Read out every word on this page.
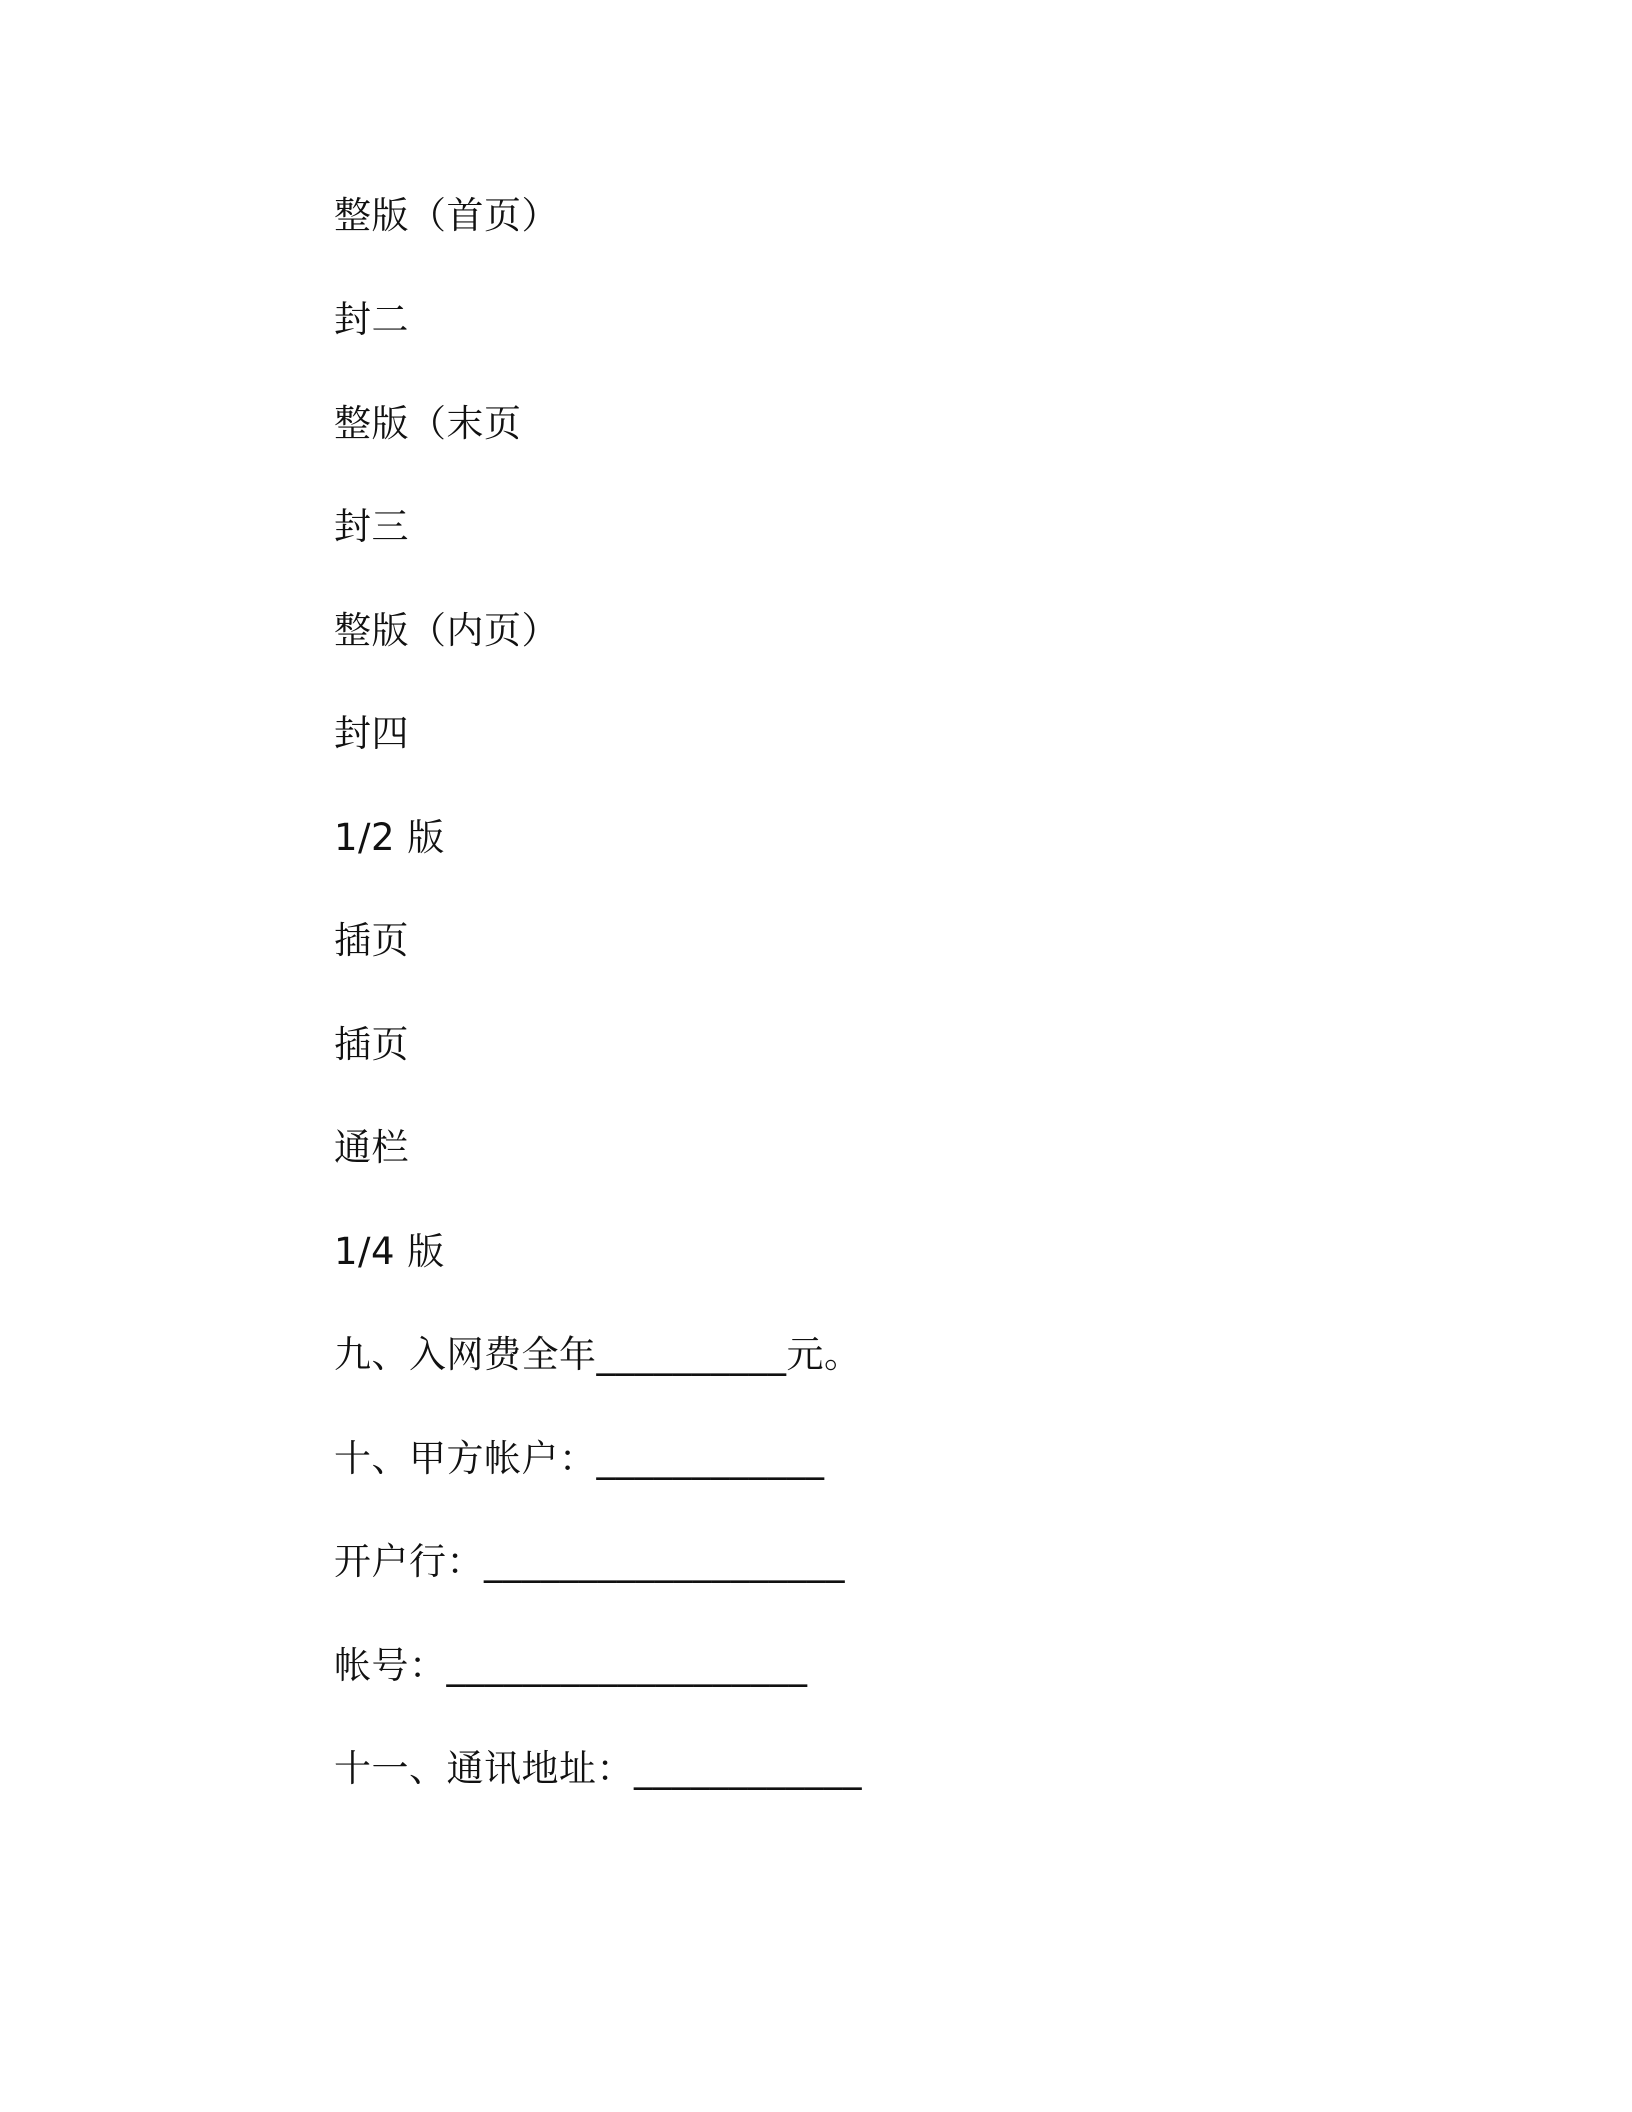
整版（首页）
封二
整版（末页
封三
整版（内页）
封四
1/2 版
插页
插页
通栏
1/4 版
九、入网费全年__________元。
十、甲方帐户：____________
开户行：___________________
帐号：___________________
十一、通讯地址：____________
